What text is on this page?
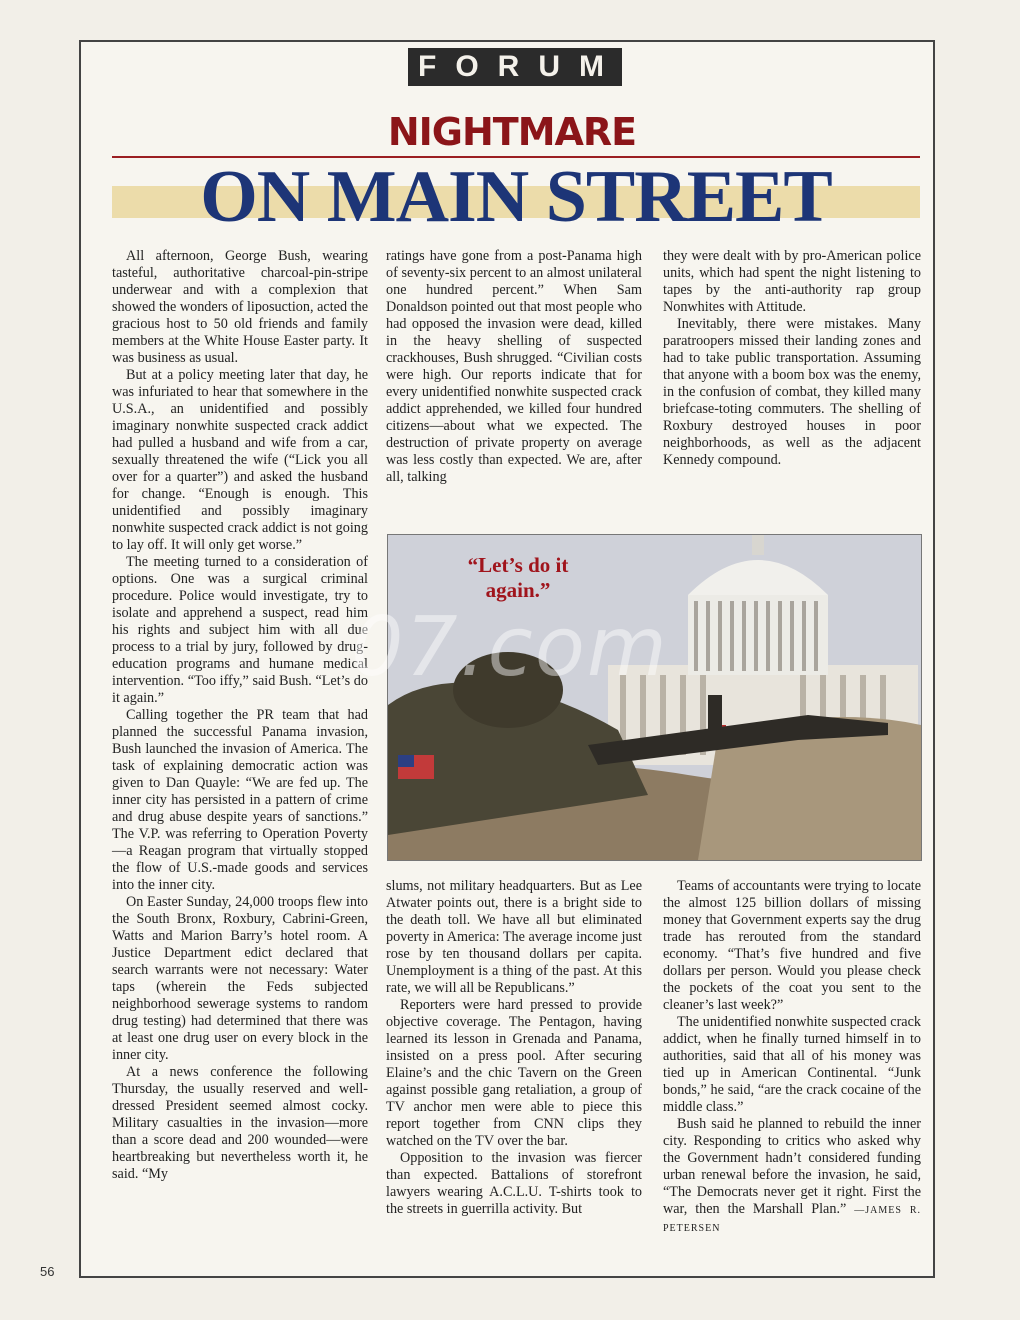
FORUM
NIGHTMARE
ON MAIN STREET

All afternoon, George Bush, wearing tasteful, authoritative charcoal-pin-stripe underwear and with a complexion that showed the wonders of liposuction, acted the gracious host to 50 old friends and family members at the White House Easter party. It was business as usual.

But at a policy meeting later that day, he was infuriated to hear that somewhere in the U.S.A., an unidentified and possibly imaginary nonwhite suspected crack addict had pulled a husband and wife from a car, sexually threatened the wife (“Lick you all over for a quarter”) and asked the husband for change. “Enough is enough. This unidentified and possibly imaginary nonwhite suspected crack addict is not going to lay off. It will only get worse.”

The meeting turned to a consideration of options. One was a surgical criminal procedure. Police would investigate, try to isolate and apprehend a suspect, read him his rights and subject him with all due process to a trial by jury, followed by drug-education programs and humane medical intervention. “Too iffy,” said Bush. “Let’s do it again.”

Calling together the PR team that had planned the successful Panama invasion, Bush launched the invasion of America. The task of explaining democratic action was given to Dan Quayle: “We are fed up. The inner city has persisted in a pattern of crime and drug abuse despite years of sanctions.” The V.P. was referring to Operation Poverty—a Reagan program that virtually stopped the flow of U.S.-made goods and services into the inner city.

On Easter Sunday, 24,000 troops flew into the South Bronx, Roxbury, Cabrini-Green, Watts and Marion Barry’s hotel room. A Justice Department edict declared that search warrants were not necessary: Water taps (wherein the Feds subjected neighborhood sewerage systems to random drug testing) had determined that there was at least one drug user on every block in the inner city.

At a news conference the following Thursday, the usually reserved and well-dressed President seemed almost cocky. Military casualties in the invasion—more than a score dead and 200 wounded—were heartbreaking but nevertheless worth it, he said. “My

ratings have gone from a post-Panama high of seventy-six percent to an almost unilateral one hundred percent.” When Sam Donaldson pointed out that most people who had opposed the invasion were dead, killed in the heavy shelling of suspected crackhouses, Bush shrugged. “Civilian costs were high. Our reports indicate that for every unidentified nonwhite suspected crack addict apprehended, we killed four hundred citizens—about what we expected. The destruction of private property on average was less costly than expected. We are, after all, talking

they were dealt with by pro-American police units, which had spent the night listening to tapes by the anti-authority rap group Nonwhites with Attitude.

Inevitably, there were mistakes. Many paratroopers missed their landing zones and had to take public transportation. Assuming that anyone with a boom box was the enemy, in the confusion of combat, they killed many briefcase-toting commuters. The shelling of Roxbury destroyed houses in poor neighborhoods, as well as the adjacent Kennedy compound.

“Let’s do it again.”
07.com

slums, not military headquarters. But as Lee Atwater points out, there is a bright side to the death toll. We have all but eliminated poverty in America: The average income just rose by ten thousand dollars per capita. Unemployment is a thing of the past. At this rate, we will all be Republicans.”

Reporters were hard pressed to provide objective coverage. The Pentagon, having learned its lesson in Grenada and Panama, insisted on a press pool. After securing Elaine’s and the chic Tavern on the Green against possible gang retaliation, a group of TV anchor men were able to piece this report together from CNN clips they watched on the TV over the bar.

Opposition to the invasion was fiercer than expected. Battalions of storefront lawyers wearing A.C.L.U. T-shirts took to the streets in guerrilla activity. But

Teams of accountants were trying to locate the almost 125 billion dollars of missing money that Government experts say the drug trade has rerouted from the standard economy. “That’s five hundred and five dollars per person. Would you please check the pockets of the coat you sent to the cleaner’s last week?”

The unidentified nonwhite suspected crack addict, when he finally turned himself in to authorities, said that all of his money was tied up in American Continental. “Junk bonds,” he said, “are the crack cocaine of the middle class.”

Bush said he planned to rebuild the inner city. Responding to critics who asked why the Government hadn’t considered funding urban renewal before the invasion, he said, “The Democrats never get it right. First the war, then the Marshall Plan.” —JAMES R. PETERSEN

56
